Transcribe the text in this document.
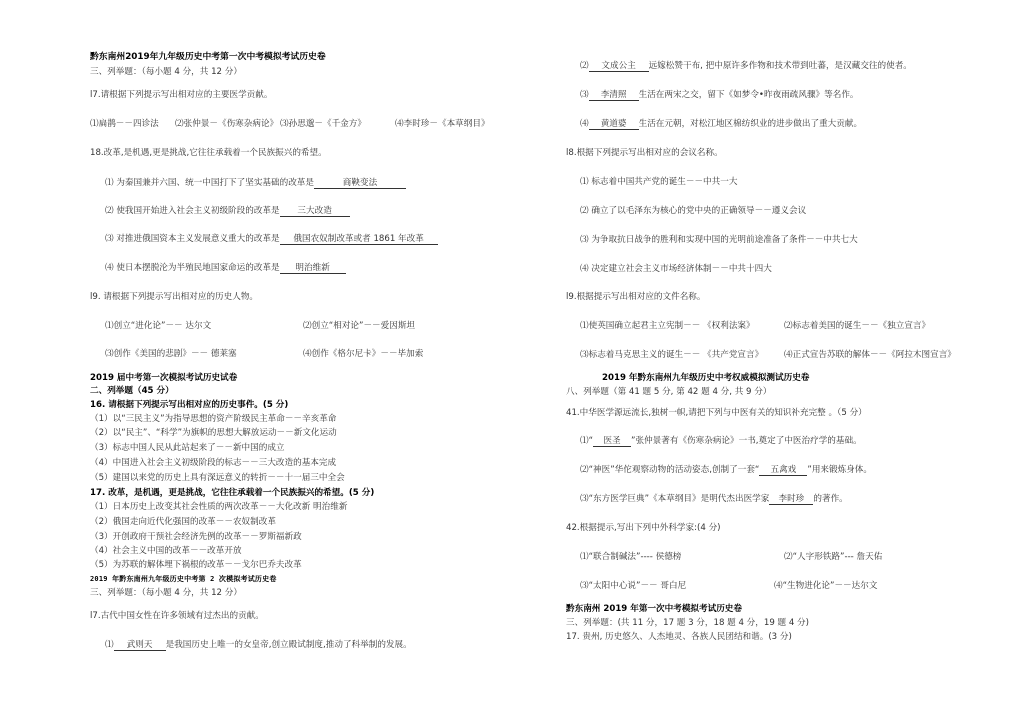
黔东南州2019年九年级历史中考第一次中考模拟考试历史卷
三、列举题：（每小题 4 分，共 12 分）
l7.请根据下列提示写出相对应的主要医学贡献。
⑴扁鹊－－四诊法 ⑵张仲景－《伤寒杂病论》 ⑶孙思邈－《千金方》	⑷李时珍－《本草纲目》
18.改革,是机遇,更是挑战,它往往承载着一个民族振兴的希望。
⑴ 为秦国兼并六国、统一中国打下了坚实基础的改革是	商鞅变法
⑵ 使我国开始进入社会主义初级阶段的改革是 三大改造
⑶ 对推进俄国资本主义发展意义重大的改革是 俄国农奴制改革或者 1861 年改革
⑷ 使日本摆脱沦为半殖民地国家命运的改革是 明治维新
l9. 请根据下列提示写出相对应的历史人物。
⑴创立“进化论”－－ 达尔文	⑵创立“相对论”－－爱因斯坦
⑶创作《美国的悲剧》－－ 德莱塞	⑷创作《格尔尼卡》－－毕加索
2019 届中考第一次模拟考试历史试卷
二、列举题（45 分）
16. 请根据下列提示写出相对应的历史事件。(5 分)
（1）以“三民主义”为指导思想的资产阶级民主革命－－辛亥革命
（2）以“民主”、“科学”为旗帜的思想大解放运动－－新文化运动
（3）标志中国人民从此站起来了－－新中国的成立
（4）中国进入社会主义初级阶段的标志－－三大改造的基本完成
（5）建国以来党的历史上具有深远意义的转折－－十一届三中全会
17. 改革，是机遇，更是挑战，它往往承载着一个民族振兴的希望。(5 分)
（1）日本历史上改变其社会性质的两次改革－－大化改新 明治维新
（2）俄国走向近代化强国的改革－－农奴制改革
（3）开创政府干预社会经济先例的改革－－罗斯福新政
（4）社会主义中国的改革－－改革开放
（5）为苏联的解体埋下祸根的改革－－戈尔巴乔夫改革
2019 年黔东南州九年级历史中考第 2 次模拟考试历史卷
三、列举题：（每小题 4 分，共 12 分）
l7.古代中国女性在许多领域有过杰出的贡献。
⑴ 武则天 是我国历史上唯一的女皇帝,创立殿试制度,推动了科举制的发展。
⑵ 文成公主 远嫁松赞干布, 把中原许多作物和技术带到吐蕃，是汉藏交往的使者。
⑶ 李清照 生活在两宋之交，留下《如梦令•昨夜雨疏风骤》等名作。
⑷ 黄道婆 生活在元朝，对松江地区棉纺织业的进步做出了重大贡献。
l8.根据下列提示写出相对应的会议名称。
⑴ 标志着中国共产党的诞生－－中共一大
⑵ 确立了以毛泽东为核心的党中央的正确领导－－遵义会议
⑶ 为争取抗日战争的胜利和实现中国的光明前途准备了条件－－中共七大
⑷ 决定建立社会主义市场经济体制－－中共十四大
l9.根据提示写出相对应的文件名称。
⑴使英国确立起君主立宪制－－ 《权利法案》	⑵标志着美国的诞生－－《独立宣言》
⑶标志着马克思主义的诞生－－ 《共产党宣言》 ⑷正式宣告苏联的解体－－《阿拉木图宣言》
2019 年黔东南州九年级历史中考权威模拟测试历史卷
八、列举题（第 41 题 5 分, 第 42 题 4 分, 共 9 分）
41.中华医学源远流长,独树一帜,请把下列与中医有关的知识补充完整 。（5 分）
⑴“ 医圣 ”张仲景著有《伤寒杂病论》一书,奠定了中医治疗学的基础。
⑵“神医”华佗观察动物的活动姿态,创制了一套“ 五禽戏 ”用来锻炼身体。
⑶“东方医学巨典”《本草纲目》是明代杰出医学家 李时珍 的著作。
42.根据提示,写出下列中外科学家:(4 分)
⑴“联合制碱法”---- 侯德榜	⑵“人字形铁路”--- 詹天佑
⑶“太阳中心说”－－ 哥白尼	⑷“生物进化论”－－达尔文
黔东南州 2019 年第一次中考模拟考试历史卷
三、列举题：(共 11 分，17 题 3 分，18 题 4 分，19 题 4 分)
17. 贵州, 历史悠久、人杰地灵、各族人民团结和谐。(3 分)
